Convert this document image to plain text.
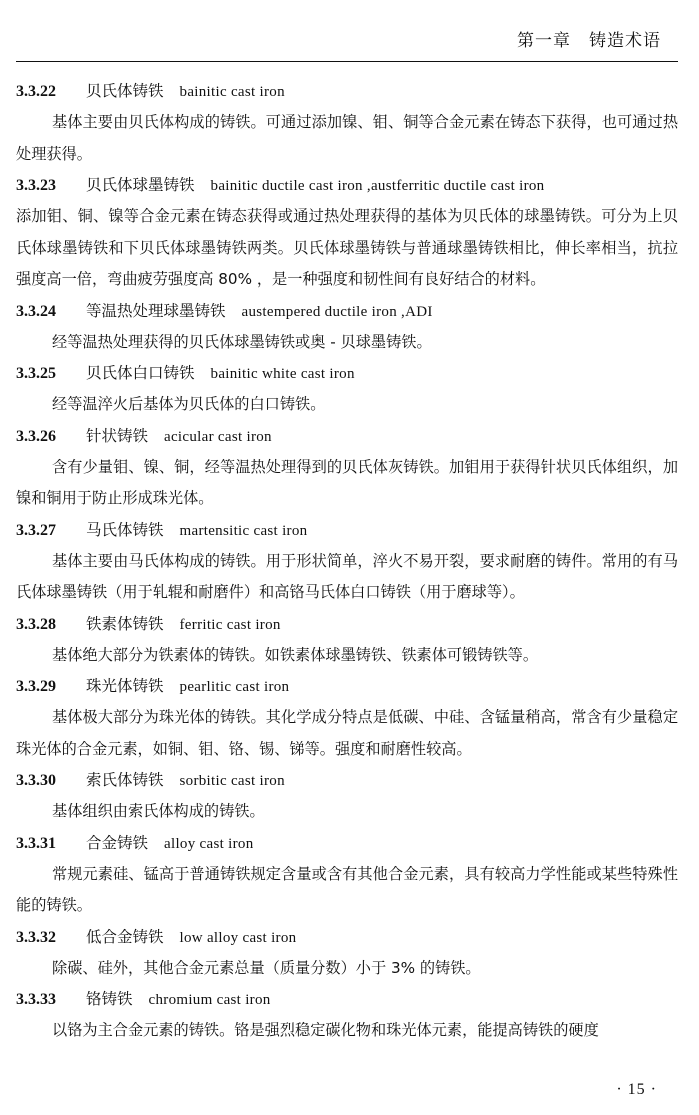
第一章　铸造术语
3.3.22 贝氏体铸铁 bainitic cast iron

基体主要由贝氏体构成的铸铁。可通过添加镍、钼、铜等合金元素在铸态下获得，也可通过热处理获得。

3.3.23 贝氏体球墨铸铁 bainitic ductile cast iron ,austferritic ductile cast iron

添加钼、铜、镍等合金元素在铸态获得或通过热处理获得的基体为贝氏体的球墨铸铁。可分为上贝氏体球墨铸铁和下贝氏体球墨铸铁两类。贝氏体球墨铸铁与普通球墨铸铁相比，伸长率相当，抗拉强度高一倍，弯曲疲劳强度高 80% ，是一种强度和韧性间有良好结合的材料。

3.3.24 等温热处理球墨铸铁 austempered ductile iron ,ADI

经等温热处理获得的贝氏体球墨铸铁或奥 - 贝球墨铸铁。

3.3.25 贝氏体白口铸铁 bainitic white cast iron

经等温淬火后基体为贝氏体的白口铸铁。

3.3.26 针状铸铁 acicular cast iron

含有少量钼、镍、铜，经等温热处理得到的贝氏体灰铸铁。加钼用于获得针状贝氏体组织，加镍和铜用于防止形成珠光体。

3.3.27 马氏体铸铁 martensitic cast iron

基体主要由马氏体构成的铸铁。用于形状简单，淬火不易开裂，要求耐磨的铸件。常用的有马氏体球墨铸铁（用于轧辊和耐磨件）和高铬马氏体白口铸铁（用于磨球等）。

3.3.28 铁素体铸铁 ferritic cast iron

基体绝大部分为铁素体的铸铁。如铁素体球墨铸铁、铁素体可锻铸铁等。

3.3.29 珠光体铸铁 pearlitic cast iron

基体极大部分为珠光体的铸铁。其化学成分特点是低碳、中硅、含锰量稍高，常含有少量稳定珠光体的合金元素，如铜、钼、铬、锡、锑等。强度和耐磨性较高。

3.3.30 索氏体铸铁 sorbitic cast iron

基体组织由索氏体构成的铸铁。

3.3.31 合金铸铁 alloy cast iron

常规元素硅、锰高于普通铸铁规定含量或含有其他合金元素，具有较高力学性能或某些特殊性能的铸铁。

3.3.32 低合金铸铁 low alloy cast iron

除碳、硅外，其他合金元素总量（质量分数）小于 3% 的铸铁。

3.3.33 铬铸铁 chromium cast iron

以铬为主合金元素的铸铁。铬是强烈稳定碳化物和珠光体元素，能提高铸铁的硬度

· 15 ·
